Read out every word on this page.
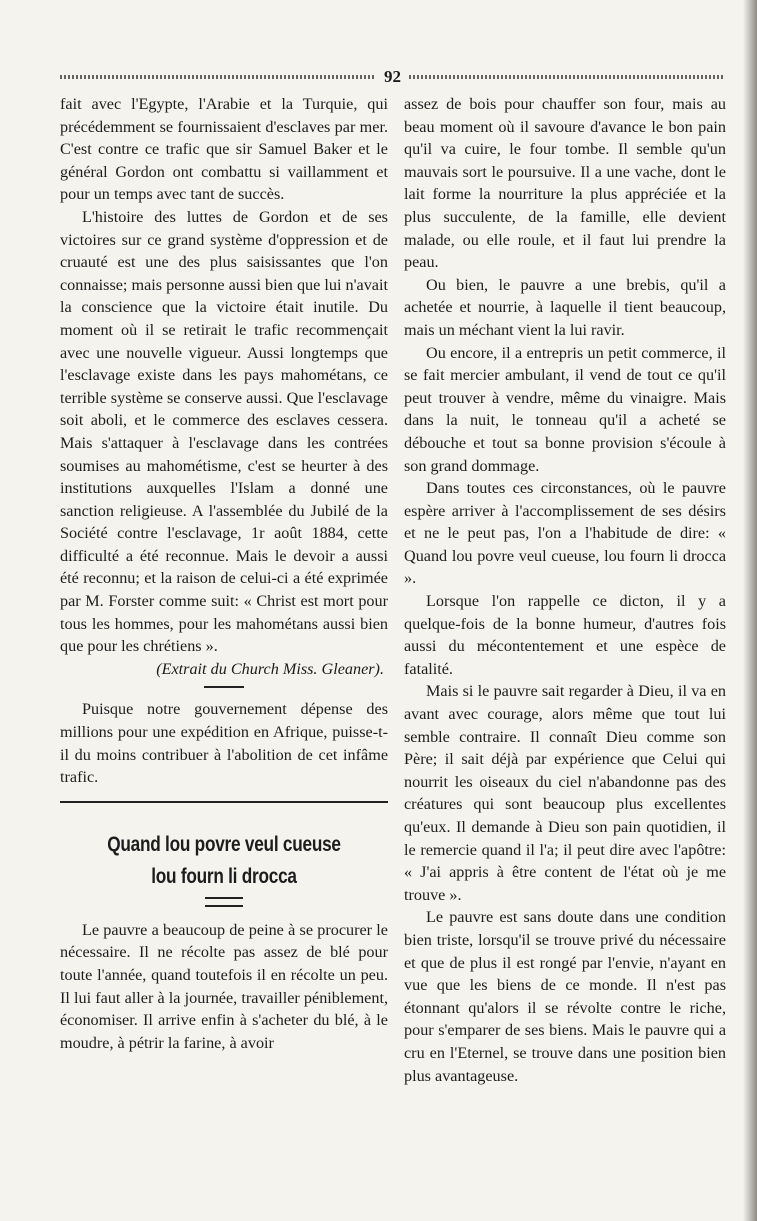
92

fait avec l'Egypte, l'Arabie et la Turquie, qui précédemment se fournissaient d'esclaves par mer. C'est contre ce trafic que sir Samuel Baker et le général Gordon ont combattu si vaillamment et pour un temps avec tant de succès.

L'histoire des luttes de Gordon et de ses victoires sur ce grand système d'oppression et de cruauté est une des plus saisissantes que l'on connaisse; mais personne aussi bien que lui n'avait la conscience que la victoire était inutile. Du moment où il se retirait le trafic recommençait avec une nouvelle vigueur. Aussi longtemps que l'esclavage existe dans les pays mahométans, ce terrible système se conserve aussi. Que l'esclavage soit aboli, et le commerce des esclaves cessera. Mais s'attaquer à l'esclavage dans les contrées soumises au mahométisme, c'est se heurter à des institutions auxquelles l'Islam a donné une sanction religieuse. A l'assemblée du Jubilé de la Société contre l'esclavage, 1r août 1884, cette difficulté a été reconnue. Mais le devoir a aussi été reconnu; et la raison de celui-ci a été exprimée par M. Forster comme suit: « Christ est mort pour tous les hommes, pour les mahométans aussi bien que pour les chrétiens ».

(Extrait du Church Miss. Gleaner).

Puisque notre gouvernement dépense des millions pour une expédition en Afrique, puisse-t-il du moins contribuer à l'abolition de cet infâme trafic.

Quand lou povre veul cueuse
lou fourn li drocca

Le pauvre a beaucoup de peine à se procurer le nécessaire. Il ne récolte pas assez de blé pour toute l'année, quand toutefois il en récolte un peu. Il lui faut aller à la journée, travailler péniblement, économiser. Il arrive enfin à s'acheter du blé, à le moudre, à pétrir la farine, à avoir

assez de bois pour chauffer son four, mais au beau moment où il savoure d'avance le bon pain qu'il va cuire, le four tombe. Il semble qu'un mauvais sort le poursuive. Il a une vache, dont le lait forme la nourriture la plus appréciée et la plus succulente, de la famille, elle devient malade, ou elle roule, et il faut lui prendre la peau.

Ou bien, le pauvre a une brebis, qu'il a achetée et nourrie, à laquelle il tient beaucoup, mais un méchant vient la lui ravir.

Ou encore, il a entrepris un petit commerce, il se fait mercier ambulant, il vend de tout ce qu'il peut trouver à vendre, même du vinaigre. Mais dans la nuit, le tonneau qu'il a acheté se débouche et tout sa bonne provision s'écoule à son grand dommage.

Dans toutes ces circonstances, où le pauvre espère arriver à l'accomplissement de ses désirs et ne le peut pas, l'on a l'habitude de dire: « Quand lou povre veul cueuse, lou fourn li drocca ».

Lorsque l'on rappelle ce dicton, il y a quelque-fois de la bonne humeur, d'autres fois aussi du mécontentement et une espèce de fatalité.

Mais si le pauvre sait regarder à Dieu, il va en avant avec courage, alors même que tout lui semble contraire. Il connaît Dieu comme son Père; il sait déjà par expérience que Celui qui nourrit les oiseaux du ciel n'abandonne pas des créatures qui sont beaucoup plus excellentes qu'eux. Il demande à Dieu son pain quotidien, il le remercie quand il l'a; il peut dire avec l'apôtre: « J'ai appris à être content de l'état où je me trouve ».

Le pauvre est sans doute dans une condition bien triste, lorsqu'il se trouve privé du nécessaire et que de plus il est rongé par l'envie, n'ayant en vue que les biens de ce monde. Il n'est pas étonnant qu'alors il se révolte contre le riche, pour s'emparer de ses biens. Mais le pauvre qui a cru en l'Eternel, se trouve dans une position bien plus avantageuse.
